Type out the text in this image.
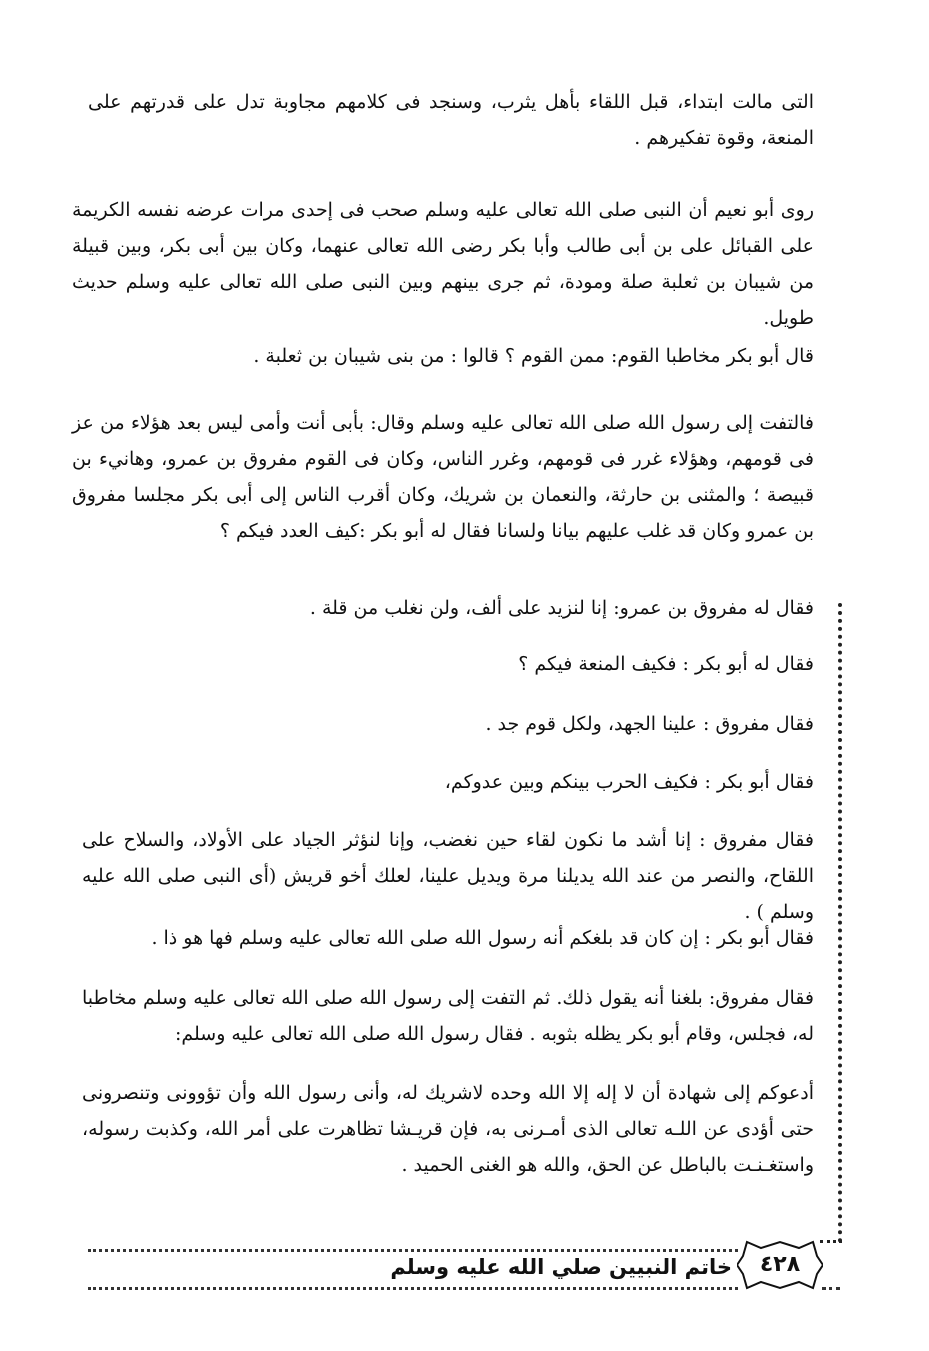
التى مالت ابتداء، قبل اللقاء بأهل يثرب، وسنجد فى كلامهم مجاوبة تدل على قدرتهم على المنعة، وقوة تفكيرهم .

روى أبو نعيم أن النبى صلى الله تعالى عليه وسلم صحب فى إحدى مرات عرضه نفسه الكريمة على القبائل على بن أبى طالب وأبا بكر رضى الله تعالى عنهما، وكان بين أبى بكر، وبين قبيلة من شيبان بن ثعلبة صلة ومودة، ثم جرى بينهم وبين النبى صلى الله تعالى عليه وسلم حديث طويل.

قال أبو بكر مخاطبا القوم: ممن القوم ؟ قالوا : من بنى شيبان بن ثعلبة .

فالتفت إلى رسول الله صلى الله تعالى عليه وسلم وقال: بأبى أنت وأمى ليس بعد هؤلاء من عز فى قومهم، وهؤلاء غرر فى قومهم، وغرر الناس، وكان فى القوم مفروق بن عمرو، وهانيء بن قبيصة ؛ والمثنى بن حارثة، والنعمان بن شريك، وكان أقرب الناس إلى أبى بكر مجلسا مفروق بن عمرو وكان قد غلب عليهم بيانا ولسانا فقال له أبو بكر :كيف العدد فيكم ؟

فقال له مفروق بن عمرو: إنا لنزيد على ألف، ولن نغلب من قلة .

فقال له أبو بكر : فكيف المنعة فيكم ؟

فقال مفروق : علينا الجهد، ولكل قوم جد .

فقال أبو بكر : فكيف الحرب بينكم وبين عدوكم،

فقال مفروق : إنا أشد ما نكون لقاء حين نغضب، وإنا لنؤثر الجياد على الأولاد، والسلاح على اللقاح، والنصر من عند الله يديلنا مرة ويديل علينا، لعلك أخو قريش (أى النبى صلى الله عليه وسلم ) .

فقال أبو بكر : إن كان قد بلغكم أنه رسول الله صلى الله تعالى عليه وسلم فها هو ذا .

فقال مفروق: بلغنا أنه يقول ذلك. ثم التفت إلى رسول الله صلى الله تعالى عليه وسلم مخاطبا له، فجلس، وقام أبو بكر يظله بثوبه . فقال رسول الله صلى الله تعالى عليه وسلم:

أدعوكم إلى شهادة أن لا إله إلا الله وحده لاشريك له، وأنى رسول الله وأن تؤوونى وتنصرونى حتى أؤدى عن اللـه تعالى الذى أمـرنى به، فإن قريـشا تظاهرت على أمر الله، وكذبت رسوله، واستغـنـت بالباطل عن الحق، والله هو الغنى الحميد .

٤٢٨
خاتم النبيين صلي الله عليه وسلم
